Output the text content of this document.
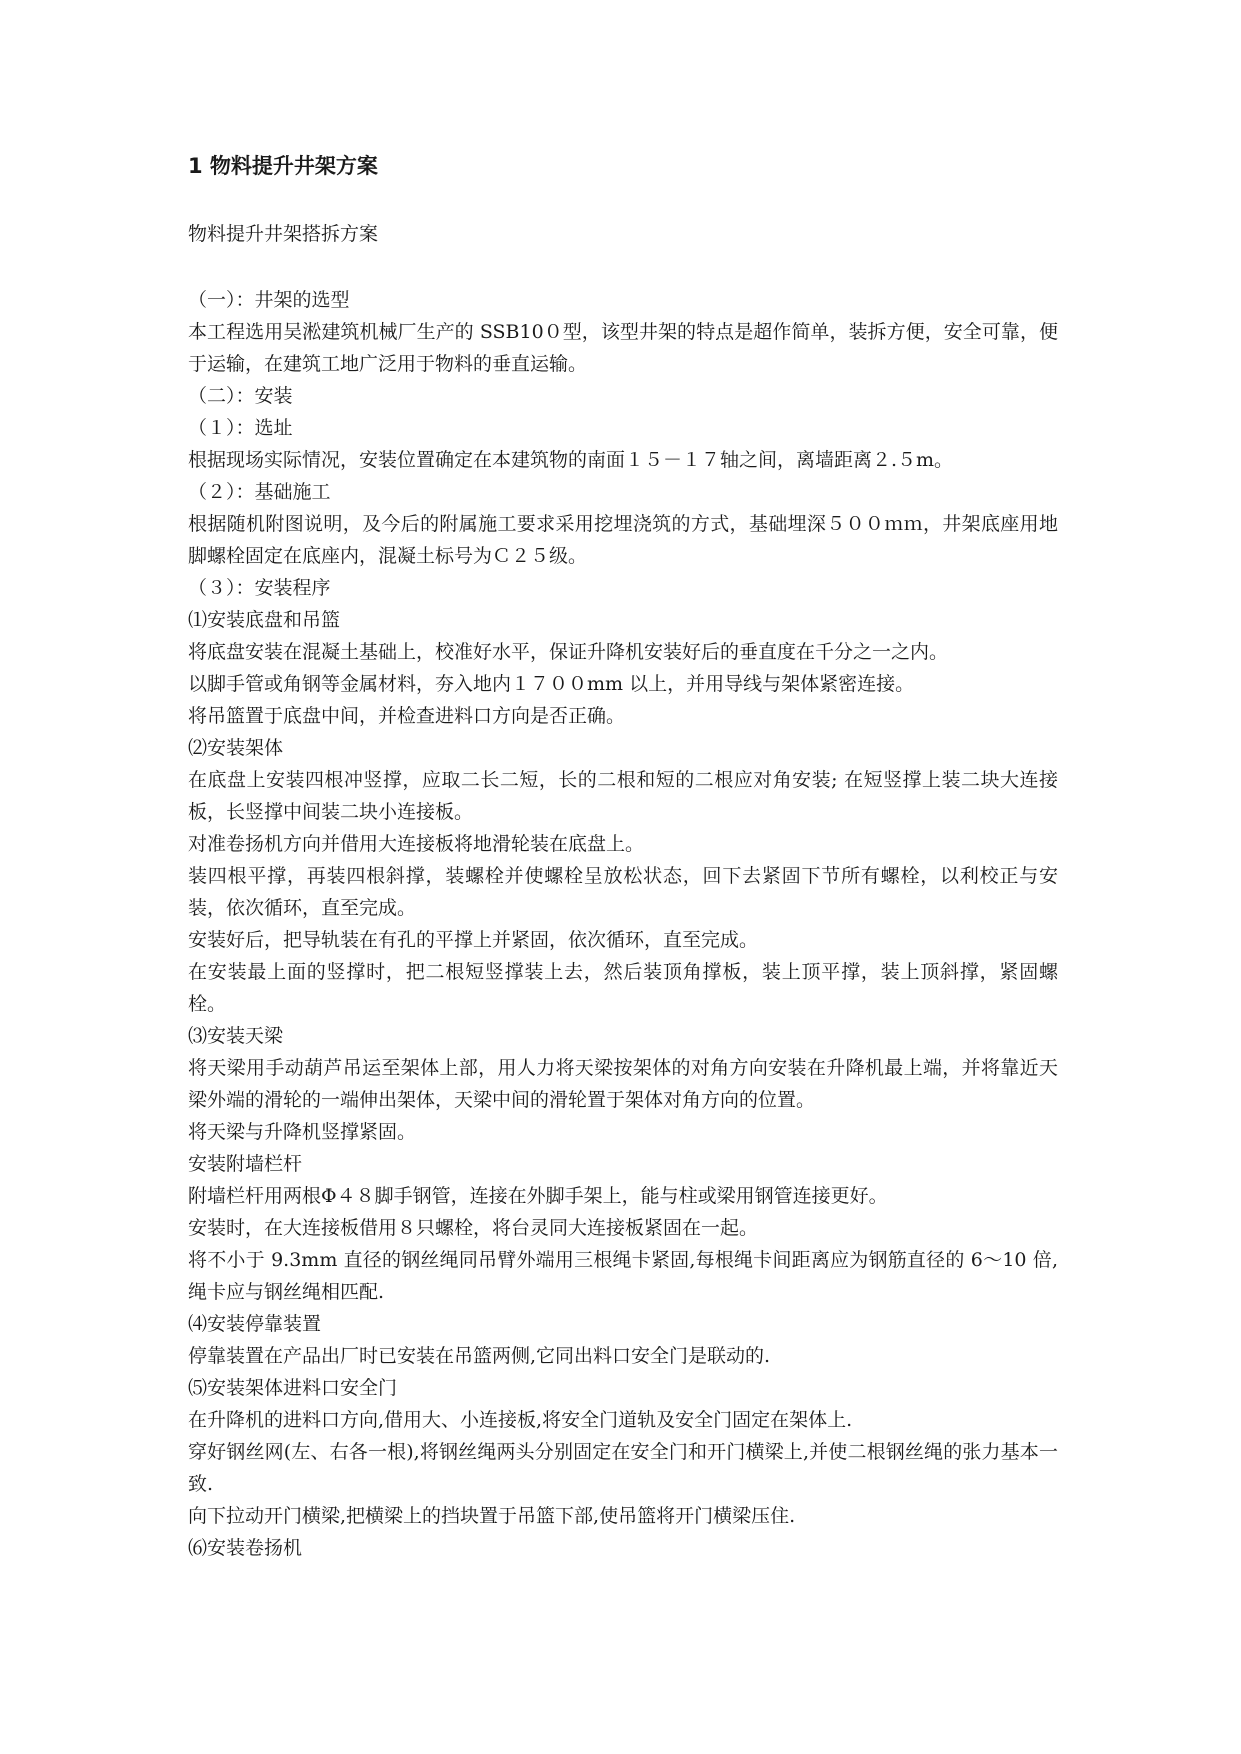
1 物料提升井架方案
物料提升井架搭拆方案

（一）：井架的选型

本工程选用吴淞建筑机械厂生产的 SSB10０型，该型井架的特点是超作简单，装拆方便，安全可靠，便于运输，在建筑工地广泛用于物料的垂直运输。

（二）：安装

（１）：选址

根据现场实际情况，安装位置确定在本建筑物的南面１５－１７轴之间，离墙距离２.５m。

（２）：基础施工

根据随机附图说明，及今后的附属施工要求采用挖埋浇筑的方式，基础埋深５００ｍｍ，井架底座用地脚螺栓固定在底座内，混凝土标号为Ｃ２５级。

（３）：安装程序

⑴安装底盘和吊篮

将底盘安装在混凝土基础上，校准好水平，保证升降机安装好后的垂直度在千分之一之内。

以脚手管或角钢等金属材料，夯入地内１７００mm 以上，并用导线与架体紧密连接。

将吊篮置于底盘中间，并检查进料口方向是否正确。

⑵安装架体

在底盘上安装四根冲竖撑，应取二长二短，长的二根和短的二根应对角安装; 在短竖撑上装二块大连接板，长竖撑中间装二块小连接板。

对准卷扬机方向并借用大连接板将地滑轮装在底盘上。

装四根平撑，再装四根斜撑，装螺栓并使螺栓呈放松状态，回下去紧固下节所有螺栓，以利校正与安装，依次循环，直至完成。

安装好后，把导轨装在有孔的平撑上并紧固，依次循环，直至完成。

在安装最上面的竖撑时，把二根短竖撑装上去，然后装顶角撑板，装上顶平撑，装上顶斜撑，紧固螺栓。

⑶安装天梁

将天梁用手动葫芦吊运至架体上部，用人力将天梁按架体的对角方向安装在升降机最上端，并将靠近天梁外端的滑轮的一端伸出架体，天梁中间的滑轮置于架体对角方向的位置。

将天梁与升降机竖撑紧固。

安装附墙栏杆

附墙栏杆用两根Φ４８脚手钢管，连接在外脚手架上，能与柱或梁用钢管连接更好。

安装时，在大连接板借用８只螺栓，将台灵同大连接板紧固在一起。

将不小于 9.3mm 直径的钢丝绳同吊臂外端用三根绳卡紧固,每根绳卡间距离应为钢筋直径的 6～10 倍,绳卡应与钢丝绳相匹配.

⑷安装停靠装置

停靠装置在产品出厂时已安装在吊篮两侧,它同出料口安全门是联动的.

⑸安装架体进料口安全门

在升降机的进料口方向,借用大、小连接板,将安全门道轨及安全门固定在架体上.

穿好钢丝网(左、右各一根),将钢丝绳两头分别固定在安全门和开门横梁上,并使二根钢丝绳的张力基本一致.

向下拉动开门横梁,把横梁上的挡块置于吊篮下部,使吊篮将开门横梁压住.

⑹安装卷扬机
